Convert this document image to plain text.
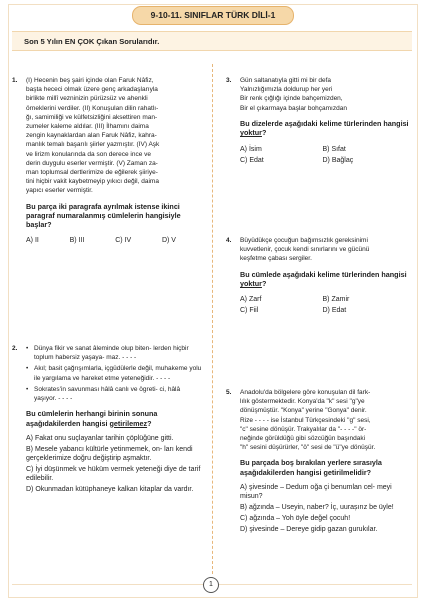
9-10-11. SINIFLAR TÜRK DİLİ-1
Son 5 Yılın EN ÇOK Çıkan Sorularıdır.
1. (I) Hecenin beş şairi içinde olan Faruk Nâfiz,

başta hececi olmak üzere genç arkadaşlarıyla

birlikte millî vezninizin pürüzsüz ve ahenkli

örneklerini verdiler. (II) Konuşulan dilin rahatlı-

ğı, samimiliği ve külfetsizliğini aksettiren man-

zumeler kaleme aldılar. (III) İlhamını daima

zengin kaynaklardan alan Faruk Nâfiz, kahra-

manlık temalı başarılı şiirler yazmıştır. (IV) Aşk

ve lirizm konularında da son derece ince ve

derin duygulu eserler vermiştir. (V) Zaman za-

man toplumsal dertlerimize de eğilerek şiiriye-

tini hiçbir vakit kaybetmeyip yıkıcı değil, daima

yapıcı eserler vermiştir.

Bu parça iki paragrafa ayrılmak istense ikinci paragraf numaralanmış cümlelerin hangisiyle başlar?

A) II	B) III	C) IV	D) V
2.
•	Dünya fikir ve sanat âleminde olup biten- lerden hiçbir toplum habersiz yaşaya- maz. - - - -
• Akıl; basit çağrışımlarla, içgüdülerle değil, muhakeme yolu ile yargılama ve hareket etme yeteneğidir. - - - -
• Sokrates'in savunması hâlâ canlı ve ögreti- ci, hâlâ yaşıyor. - - - -

Bu cümlelerin herhangi birinin sonuna aşağıdakilerden hangisi getirilemez?

A) Fakat onu suçlayanlar tarihin çöplüğüne gitti.
B) Mesele yabancı kültürle yetinmemek, on- ları kendi gerçeklerimize doğru değiştirip aşmaktır.
C) İyi düşünmek ve hüküm vermek yeteneği diye de tarif edilebilir.
D) Okunmadan kütüphaneye kalkan kitaplar da vardır.
3. Gün saltanatıyla gitti mi bir defa

Yalnızlığımızla doldurup her yeri

Bir renk çığlığı içinde bahçemizden,

Bir el çıkarmaya başlar bohçamızdan

Bu dizelerde aşağıdaki kelime türlerinden hangisi yoktur?

A) İsim	B) Sıfat
C) Edat	D) Bağlaç
4. Büyüdükçe çocuğun bağımsızlık gereksinimi

kuvvetlenir, çocuk kendi sınırlarını ve gücünü

keşfetme çabası sergiler.

Bu cümlede aşağıdaki kelime türlerinden hangisi yoktur?

A) Zarf	B) Zamir
C) Fiil	D) Edat
5. Anadolu'da bölgelere göre konuşulan dil fark-

lılık göstermektedir. Konya'da "k" sesi "g"ye

dönüşmüştür. "Konya" yerine "Gonya" denir.

Rize - - - - ise İstanbul Türkçesindeki "g" sesi,

"c" sesine dönüşür. Trakyalılar da "- - - -" ör-

neğinde görüldüğü gibi sözcüğün başındaki

"h" sesini düşürürler, "ö" sesi de "ü"ye dönüşür.

Bu parçada boş bırakılan yerlere sırasıyla aşağıdakilerden hangisi getirilmelidir?

A) şivesinde – Dedum oğa çi benumlan cel- meyi misun?
B) ağzında – Useyin, naber? İç, uurașırız be üyle!
C) ağzında – Yoh öyle değel çocuh!
D) şivesinde – Dereye gidip gazan gurukılar.
1
